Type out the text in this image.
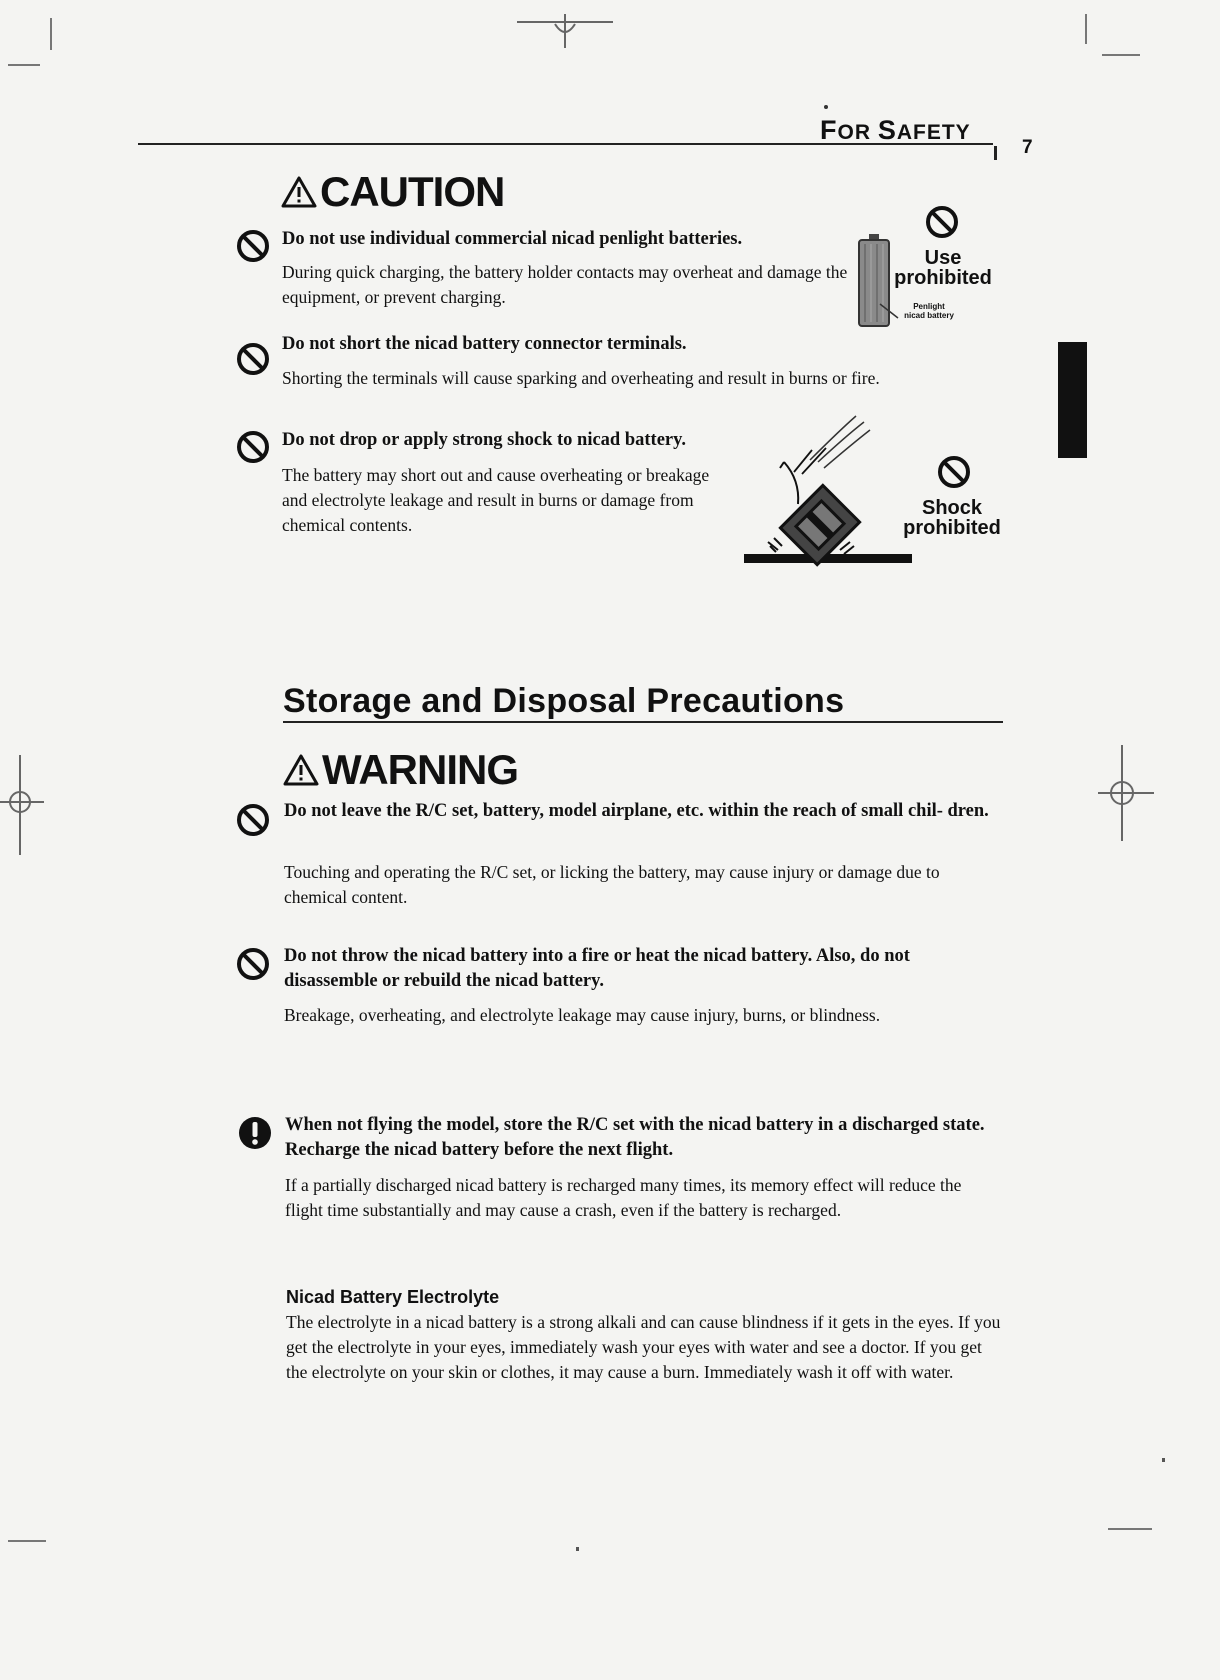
FOR SAFETY
7
CAUTION
Do not use individual commercial nicad penlight batteries.
During quick charging, the battery holder contacts may overheat and damage the equipment, or prevent charging.
Use
prohibited
Penlight
nicad battery
Do not short the nicad battery connector terminals.
Shorting the terminals will cause sparking and overheating and result in burns or fire.
Do not drop or apply strong shock to nicad battery.
The battery may short out and cause overheating or breakage and electrolyte leakage and result in burns or damage from chemical contents.
Shock
prohibited
Storage and Disposal Precautions
WARNING
Do not leave the R/C set, battery, model airplane, etc. within the reach of small chil- dren.
Touching and operating the R/C set, or licking the battery, may cause injury or damage due to chemical content.
Do not throw the nicad battery into a fire or heat the nicad battery. Also, do not disassemble or rebuild the nicad battery.
Breakage, overheating, and electrolyte leakage may cause injury, burns, or blindness.
When not flying the model, store the R/C set with the nicad battery in a discharged state. Recharge the nicad battery before the next flight.
If a partially discharged nicad battery is recharged many times, its memory effect will reduce the flight time substantially and may cause a crash, even if the battery is recharged.
Nicad Battery Electrolyte
The electrolyte in a nicad battery is a strong alkali and can cause blindness if it gets in the eyes. If you get the electrolyte in your eyes, immediately wash your eyes with water and see a doctor. If you get the electrolyte on your skin or clothes, it may cause a burn. Immediately wash it off with water.
